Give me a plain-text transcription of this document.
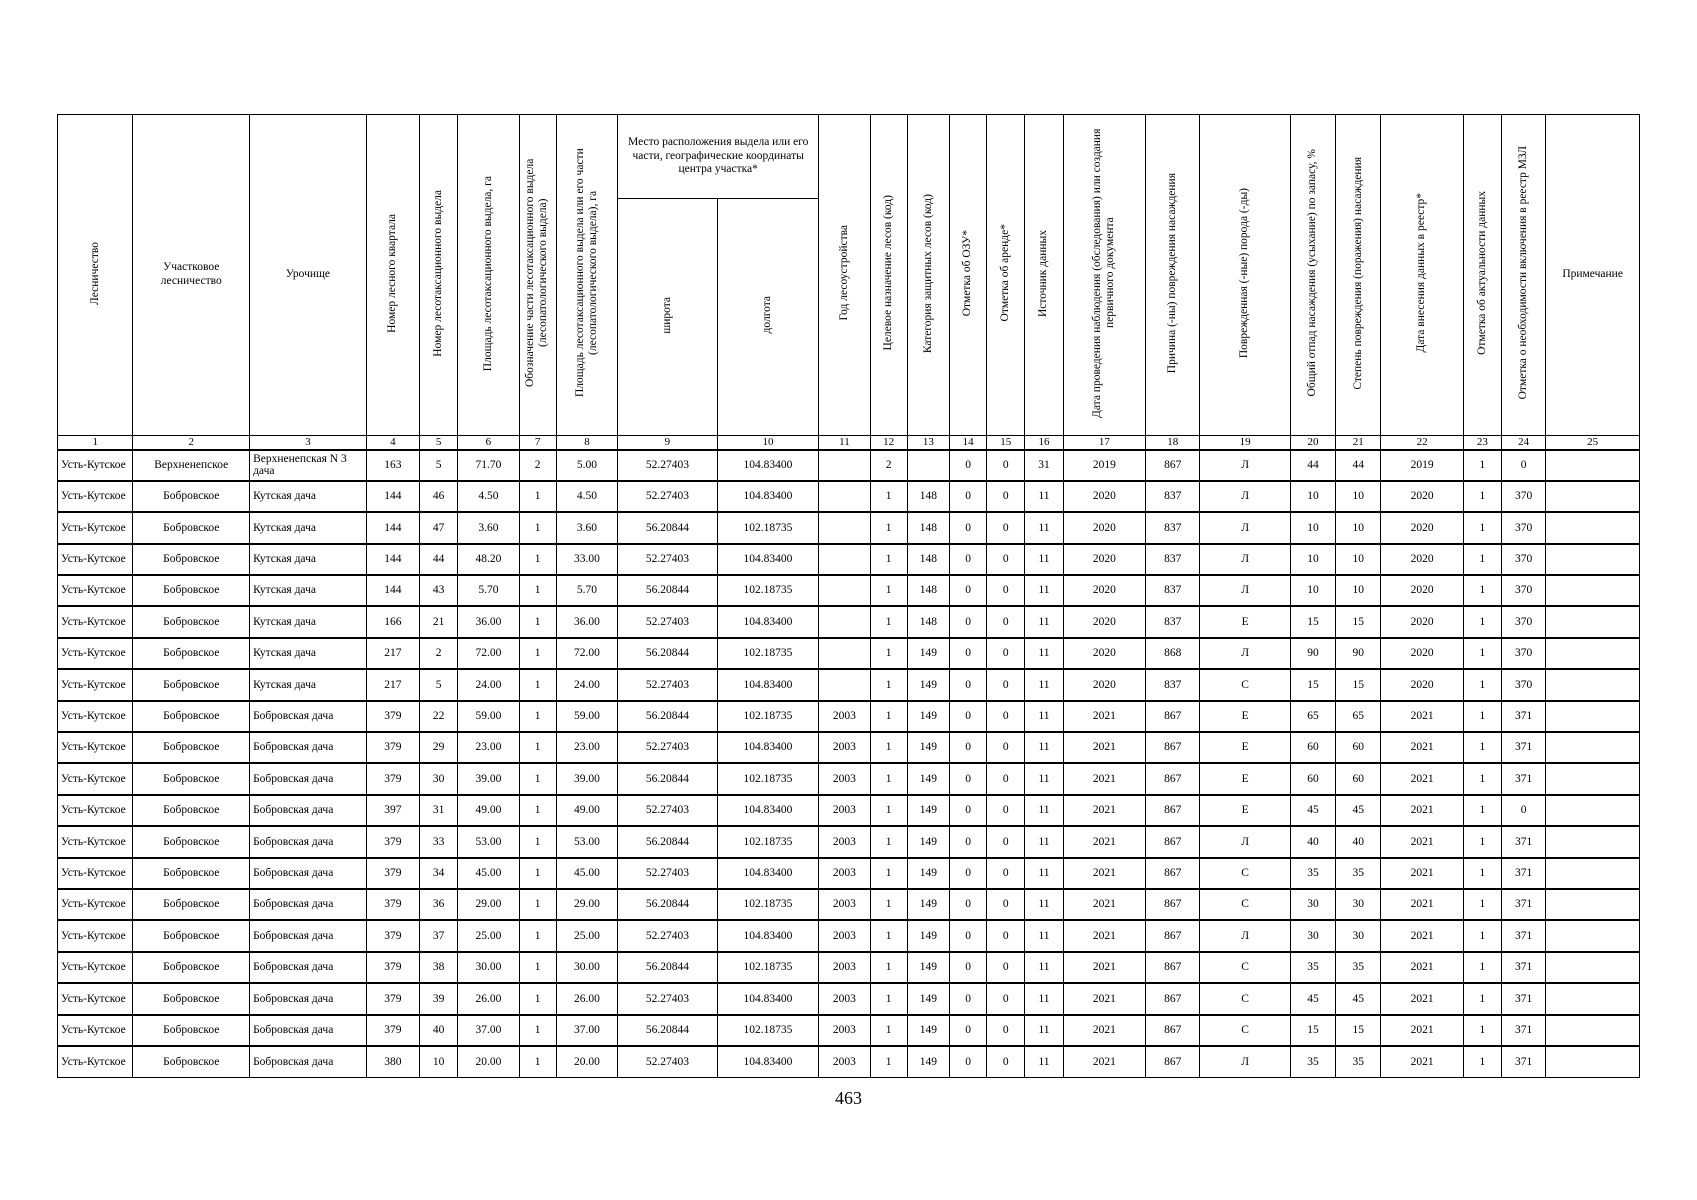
Лесничество	Участковое лесничество	Урочище	Номер лесного квартала	Номер лесотаксационного выдела	Площадь лесотаксационного выдела, га	Обозначение части лесотаксационного выдела (лесопатологического выдела)	Площадь лесотаксационного выдела или его части (лесопатологического выдела), га	Место расположения выдела или его части, географические координаты центра участка*		Год лесоустройства	Целевое назначение лесов (код)	Категория защитных лесов (код)	Отметка об ОЗУ*	Отметка об аренде*	Источник данных	Дата проведения наблюдения (обследования) или создания первичного документа	Причина (-ны) повреждения насаждения	Поврежденная (-ные) порода (-ды)	Общий отпад насаждения (усыхание) по запасу, %	Степень повреждения (поражения) насаждения	Дата внесения данных в реестр*	Отметка об актуальности данных	Отметка о необходимости включения в реестр МЗЛ	Примечание
								широта	долгота															
1	2	3	4	5	6	7	8	9	10	11	12	13	14	15	16	17	18	19	20	21	22	23	24	25
Усть-Кутское	Верхненепское	Верхненепская N 3 дача	163	5	71.70	2	5.00	52.27403	104.83400		2		0	0	31	2019	867	Л	44	44	2019	1	0	
Усть-Кутское	Бобровское	Кутская дача	144	46	4.50	1	4.50	52.27403	104.83400		1	148	0	0	11	2020	837	Л	10	10	2020	1	370	
Усть-Кутское	Бобровское	Кутская дача	144	47	3.60	1	3.60	56.20844	102.18735		1	148	0	0	11	2020	837	Л	10	10	2020	1	370	
Усть-Кутское	Бобровское	Кутская дача	144	44	48.20	1	33.00	52.27403	104.83400		1	148	0	0	11	2020	837	Л	10	10	2020	1	370	
Усть-Кутское	Бобровское	Кутская дача	144	43	5.70	1	5.70	56.20844	102.18735		1	148	0	0	11	2020	837	Л	10	10	2020	1	370	
Усть-Кутское	Бобровское	Кутская дача	166	21	36.00	1	36.00	52.27403	104.83400		1	148	0	0	11	2020	837	Е	15	15	2020	1	370	
Усть-Кутское	Бобровское	Кутская дача	217	2	72.00	1	72.00	56.20844	102.18735		1	149	0	0	11	2020	868	Л	90	90	2020	1	370	
Усть-Кутское	Бобровское	Кутская дача	217	5	24.00	1	24.00	52.27403	104.83400		1	149	0	0	11	2020	837	С	15	15	2020	1	370	
Усть-Кутское	Бобровское	Бобровская дача	379	22	59.00	1	59.00	56.20844	102.18735	2003	1	149	0	0	11	2021	867	Е	65	65	2021	1	371	
Усть-Кутское	Бобровское	Бобровская дача	379	29	23.00	1	23.00	52.27403	104.83400	2003	1	149	0	0	11	2021	867	Е	60	60	2021	1	371	
Усть-Кутское	Бобровское	Бобровская дача	379	30	39.00	1	39.00	56.20844	102.18735	2003	1	149	0	0	11	2021	867	Е	60	60	2021	1	371	
Усть-Кутское	Бобровское	Бобровская дача	397	31	49.00	1	49.00	52.27403	104.83400	2003	1	149	0	0	11	2021	867	Е	45	45	2021	1	0	
Усть-Кутское	Бобровское	Бобровская дача	379	33	53.00	1	53.00	56.20844	102.18735	2003	1	149	0	0	11	2021	867	Л	40	40	2021	1	371	
Усть-Кутское	Бобровское	Бобровская дача	379	34	45.00	1	45.00	52.27403	104.83400	2003	1	149	0	0	11	2021	867	С	35	35	2021	1	371	
Усть-Кутское	Бобровское	Бобровская дача	379	36	29.00	1	29.00	56.20844	102.18735	2003	1	149	0	0	11	2021	867	С	30	30	2021	1	371	
Усть-Кутское	Бобровское	Бобровская дача	379	37	25.00	1	25.00	52.27403	104.83400	2003	1	149	0	0	11	2021	867	Л	30	30	2021	1	371	
Усть-Кутское	Бобровское	Бобровская дача	379	38	30.00	1	30.00	56.20844	102.18735	2003	1	149	0	0	11	2021	867	С	35	35	2021	1	371	
Усть-Кутское	Бобровское	Бобровская дача	379	39	26.00	1	26.00	52.27403	104.83400	2003	1	149	0	0	11	2021	867	С	45	45	2021	1	371	
Усть-Кутское	Бобровское	Бобровская дача	379	40	37.00	1	37.00	56.20844	102.18735	2003	1	149	0	0	11	2021	867	С	15	15	2021	1	371	
Усть-Кутское	Бобровское	Бобровская дача	380	10	20.00	1	20.00	52.27403	104.83400	2003	1	149	0	0	11	2021	867	Л	35	35	2021	1	371	
463
